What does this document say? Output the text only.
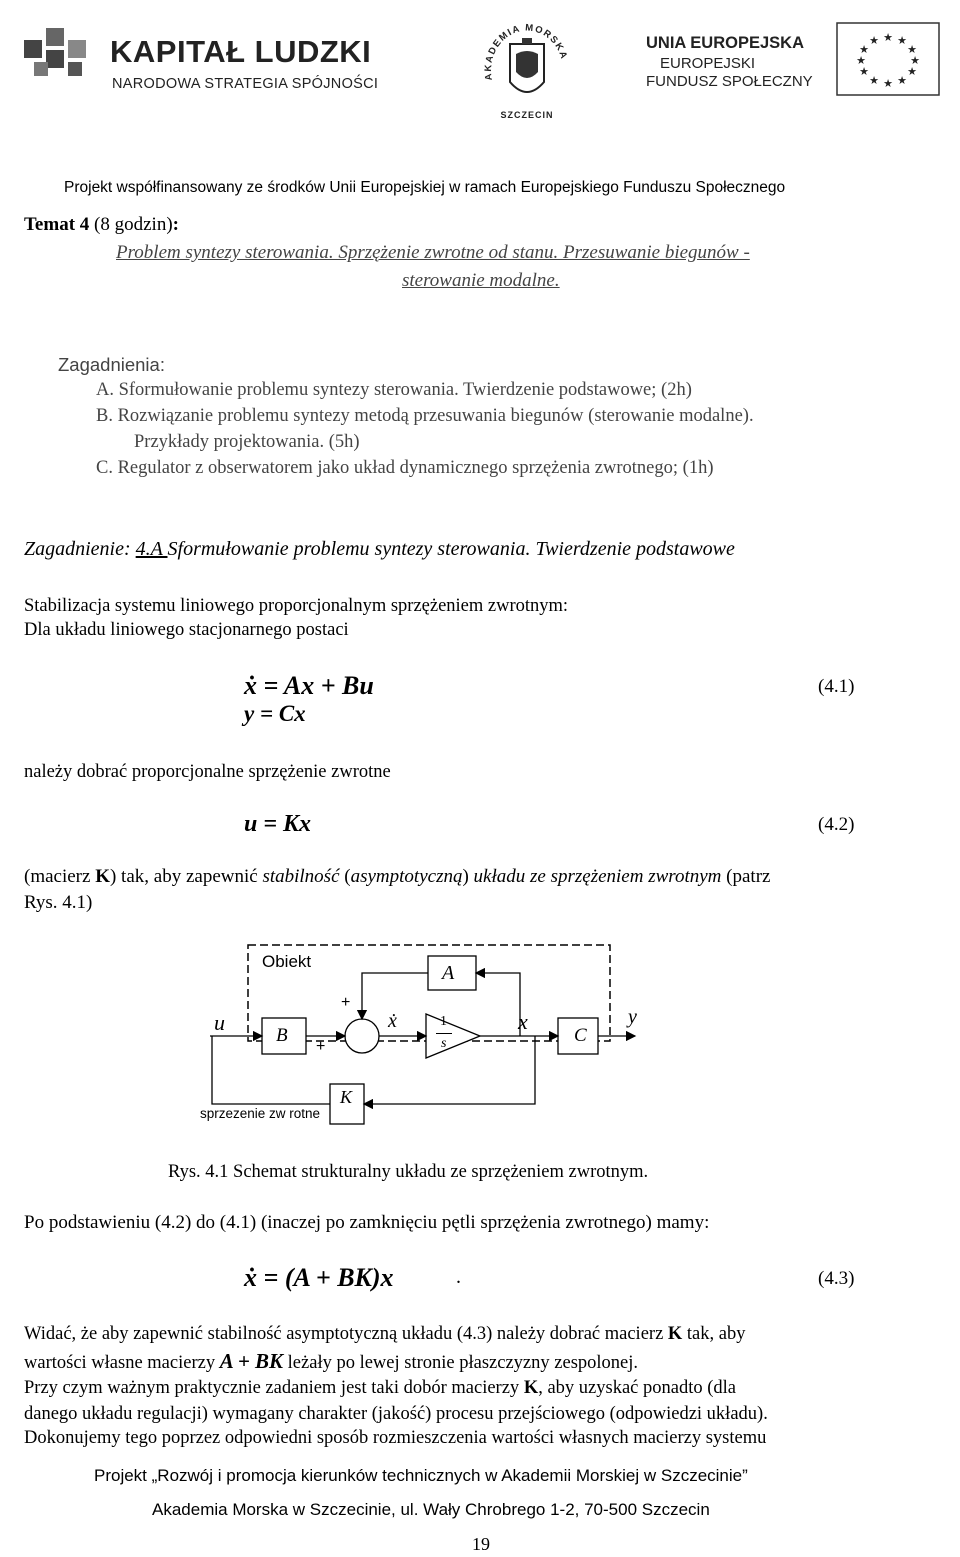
KAPITAŁ LUDZKI
NARODOWA STRATEGIA SPÓJNOŚCI	AKADEMIA MORSKA
SZCZECIN
UNIA EUROPEJSKA
EUROPEJSKI
FUNDUSZ SPOŁECZNY
★ ★
★
★
★
★
★
★
★
★
★
★
Projekt współfinansowany ze środków Unii Europejskiej w ramach Europejskiego Funduszu Społecznego
Temat 4 (8 godzin):
Problem syntezy sterowania. Sprzężenie zwrotne od stanu. Przesuwanie biegunów -
sterowanie modalne.
Zagadnienia:
A. Sformułowanie problemu syntezy sterowania. Twierdzenie podstawowe; (2h)
B. Rozwiązanie problemu syntezy metodą przesuwania biegunów (sterowanie modalne).
Przykłady projektowania. (5h)
C. Regulator z obserwatorem jako układ dynamicznego sprzężenia zwrotnego; (1h)
Zagadnienie: 4.A Sformułowanie problemu syntezy sterowania. Twierdzenie podstawowe
Stabilizacja systemu liniowego proporcjonalnym sprzężeniem zwrotnym:
Dla układu liniowego stacjonarnego postaci
ẋ = Ax + Bu	(4.1)
y = Cx
należy dobrać proporcjonalne sprzężenie zwrotne
u = Kx	(4.2)
(macierz K) tak, aby zapewnić stabilność (asymptotyczną) układu ze sprzężeniem zwrotnym (patrz
Rys. 4.1)
Obiekt
u
B
+
+
ẋ
A
1
s
x
C
y
K
sprzezenie zw rotne
Rys. 4.1 Schemat strukturalny układu ze sprzężeniem zwrotnym.
Po podstawieniu (4.2) do (4.1) (inaczej po zamknięciu pętli sprzężenia zwrotnego) mamy:
ẋ = (A + BK)x	.	(4.3)
Widać, że aby zapewnić stabilność asymptotyczną układu (4.3) należy dobrać macierz K tak, aby
wartości własne macierzy A + BK leżały po lewej stronie płaszczyzny zespolonej.
Przy czym ważnym praktycznie zadaniem jest taki dobór macierzy K, aby uzyskać ponadto (dla
danego układu regulacji) wymagany charakter (jakość) procesu przejściowego (odpowiedzi układu).
Dokonujemy tego poprzez odpowiedni sposób rozmieszczenia wartości własnych macierzy systemu
Projekt „Rozwój i promocja kierunków technicznych w Akademii Morskiej w Szczecinie”
Akademia Morska w Szczecinie, ul. Wały Chrobrego 1-2, 70-500 Szczecin
19
